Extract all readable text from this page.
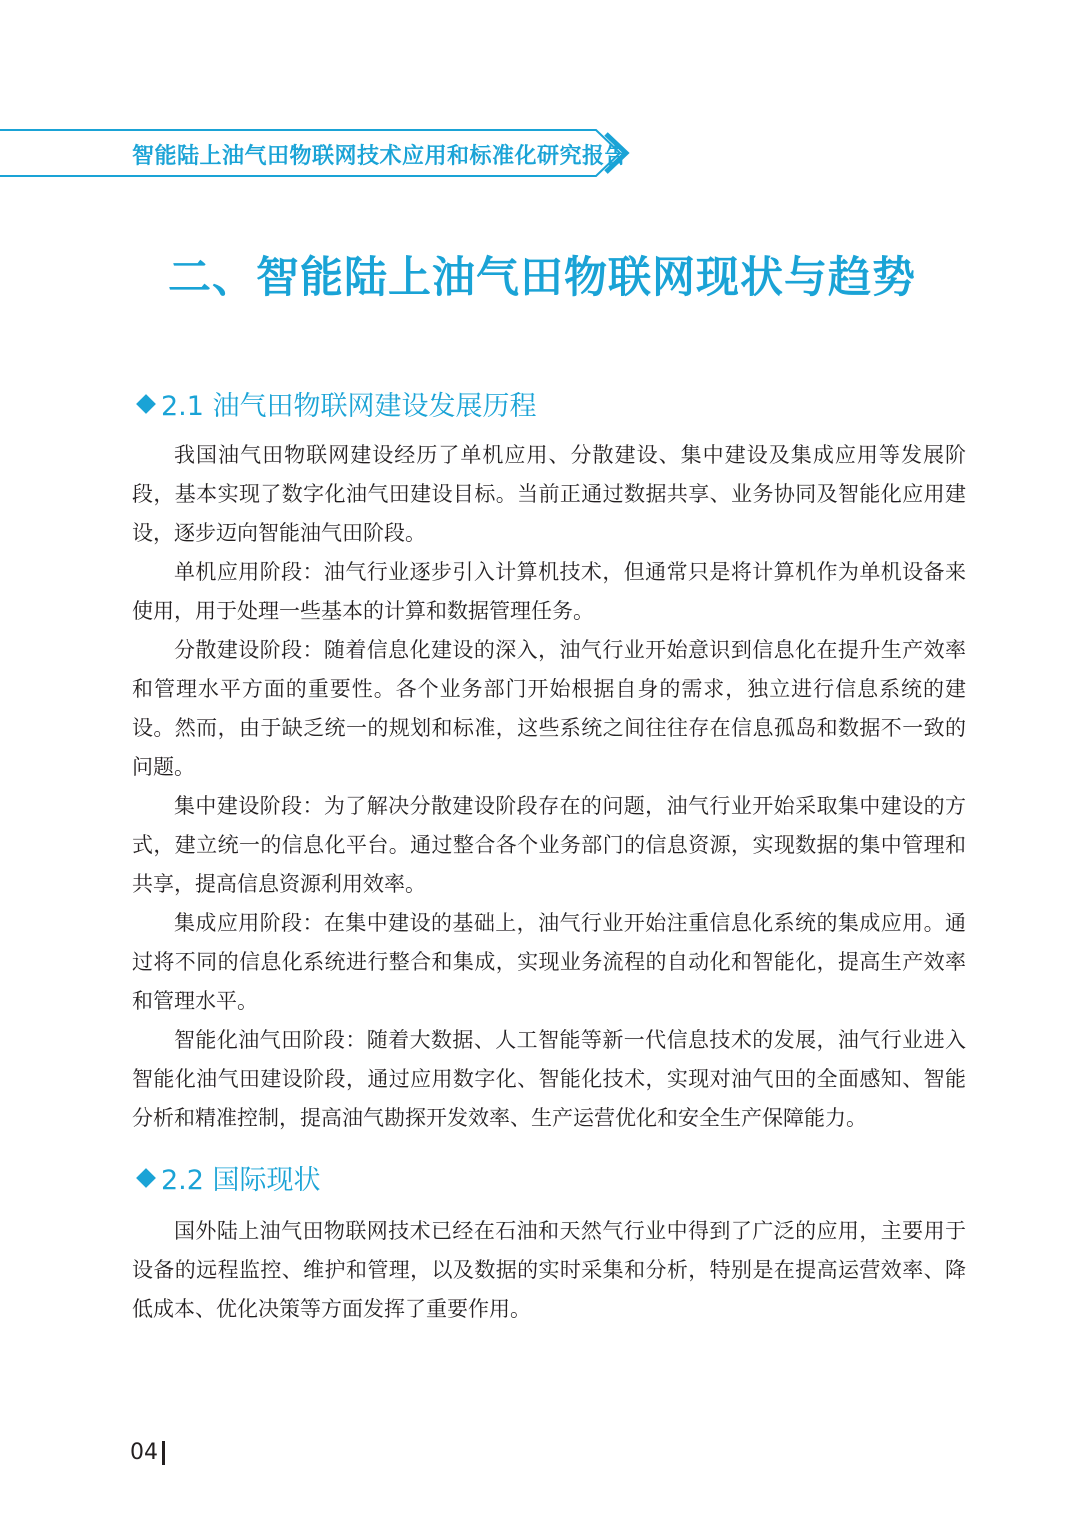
智能陆上油气田物联网技术应用和标准化研究报告
二、智能陆上油气田物联网现状与趋势
2.1 油气田物联网建设发展历程

我国油气田物联网建设经历了单机应用、分散建设、集中建设及集成应用等发展阶段，基本实现了数字化油气田建设目标。当前正通过数据共享、业务协同及智能化应用建设，逐步迈向智能油气田阶段。

单机应用阶段：油气行业逐步引入计算机技术，但通常只是将计算机作为单机设备来使用，用于处理一些基本的计算和数据管理任务。

分散建设阶段：随着信息化建设的深入，油气行业开始意识到信息化在提升生产效率和管理水平方面的重要性。各个业务部门开始根据自身的需求，独立进行信息系统的建设。然而，由于缺乏统一的规划和标准，这些系统之间往往存在信息孤岛和数据不一致的问题。

集中建设阶段：为了解决分散建设阶段存在的问题，油气行业开始采取集中建设的方式，建立统一的信息化平台。通过整合各个业务部门的信息资源，实现数据的集中管理和共享，提高信息资源利用效率。

集成应用阶段：在集中建设的基础上，油气行业开始注重信息化系统的集成应用。通过将不同的信息化系统进行整合和集成，实现业务流程的自动化和智能化，提高生产效率和管理水平。

智能化油气田阶段：随着大数据、人工智能等新一代信息技术的发展，油气行业进入智能化油气田建设阶段，通过应用数字化、智能化技术，实现对油气田的全面感知、智能分析和精准控制，提高油气勘探开发效率、生产运营优化和安全生产保障能力。

2.2 国际现状

国外陆上油气田物联网技术已经在石油和天然气行业中得到了广泛的应用，主要用于设备的远程监控、维护和管理，以及数据的实时采集和分析，特别是在提高运营效率、降低成本、优化决策等方面发挥了重要作用。

04
